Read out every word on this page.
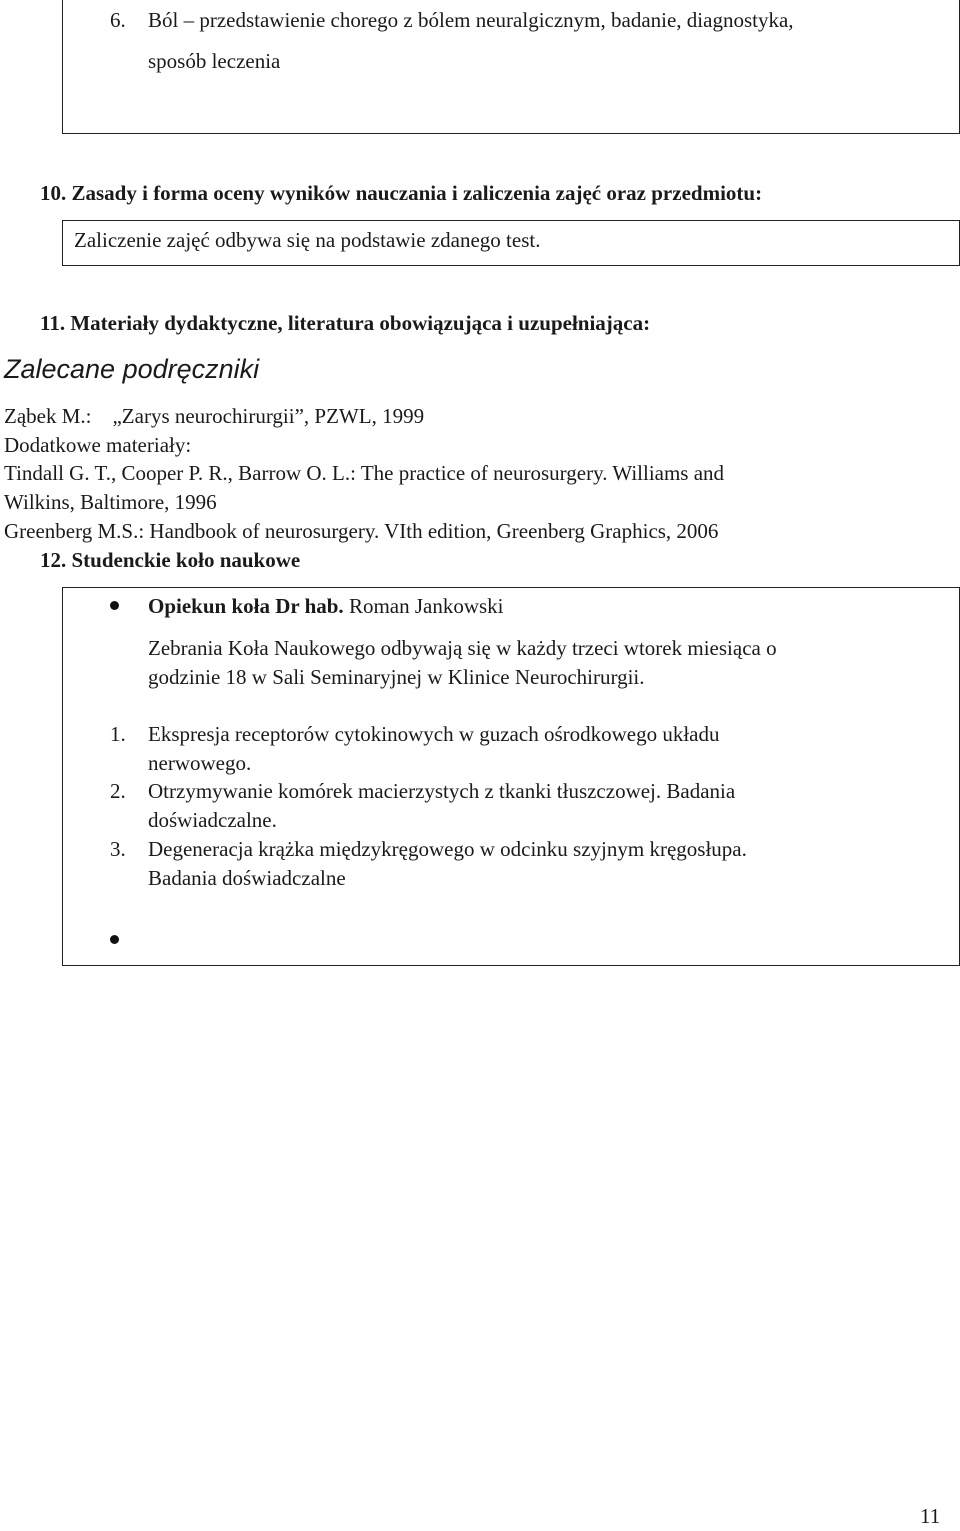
6. Ból – przedstawienie chorego z bólem neuralgicznym, badanie, diagnostyka,
sposób leczenia
10. Zasady i forma oceny wyników nauczania i zaliczenia zajęć oraz przedmiotu:
Zaliczenie zajęć odbywa się na podstawie zdanego test.
11. Materiały dydaktyczne, literatura obowiązująca i uzupełniająca:
Zalecane podręczniki
Ząbek M.:    „Zarys neurochirurgii”, PZWL, 1999
Dodatkowe materiały:
Tindall G. T., Cooper P. R., Barrow O. L.: The practice of neurosurgery. Williams and
Wilkins, Baltimore, 1996
Greenberg M.S.: Handbook of neurosurgery. VIth edition, Greenberg Graphics, 2006
12. Studenckie koło naukowe
Opiekun koła Dr hab. Roman Jankowski
Zebrania Koła Naukowego odbywają się w każdy trzeci wtorek miesiąca o
godzinie 18 w Sali Seminaryjnej w Klinice Neurochirurgii.
1. Ekspresja receptorów cytokinowych w guzach ośrodkowego układu
nerwowego.
2. Otrzymywanie komórek macierzystych z tkanki tłuszczowej. Badania
doświadczalne.
3. Degeneracja krążka międzykręgowego w odcinku szyjnym kręgosłupa.
Badania doświadczalne
11
